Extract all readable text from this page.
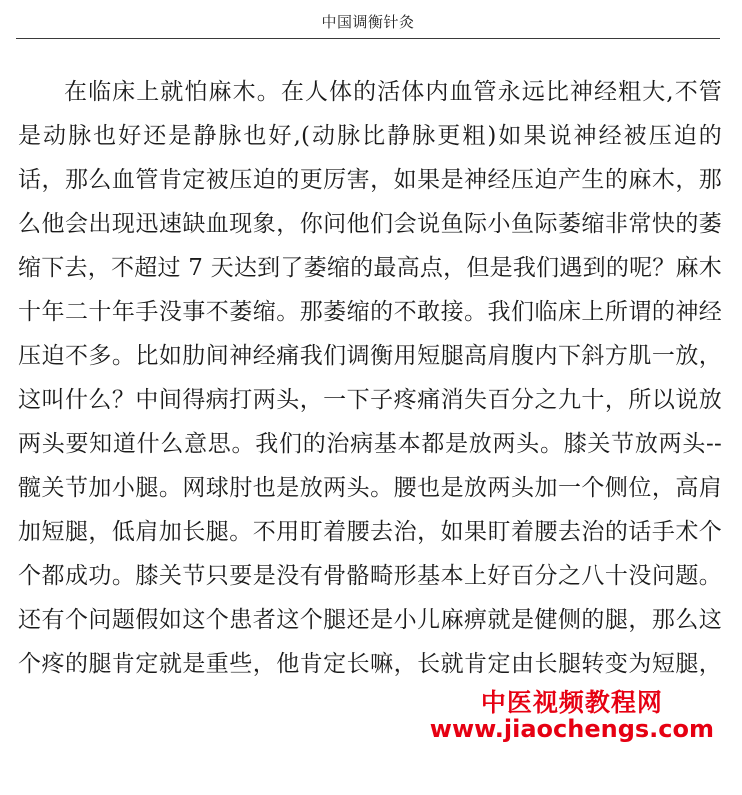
中国调衡针灸
在临床上就怕麻木。在人体的活体内血管永远比神经粗大,不管
是动脉也好还是静脉也好,(动脉比静脉更粗)如果说神经被压迫的
话，那么血管肯定被压迫的更厉害，如果是神经压迫产生的麻木，那
么他会出现迅速缺血现象，你问他们会说鱼际小鱼际萎缩非常快的萎
缩下去，不超过 7 天达到了萎缩的最高点，但是我们遇到的呢？麻木
十年二十年手没事不萎缩。那萎缩的不敢接。我们临床上所谓的神经
压迫不多。比如肋间神经痛我们调衡用短腿高肩腹内下斜方肌一放，
这叫什么？中间得病打两头，一下子疼痛消失百分之九十，所以说放
两头要知道什么意思。我们的治病基本都是放两头。膝关节放两头--
髋关节加小腿。网球肘也是放两头。腰也是放两头加一个侧位，高肩
加短腿，低肩加长腿。不用盯着腰去治，如果盯着腰去治的话手术个
个都成功。膝关节只要是没有骨骼畸形基本上好百分之八十没问题。
还有个问题假如这个患者这个腿还是小儿麻痹就是健侧的腿，那么这
个疼的腿肯定就是重些，他肯定长嘛，长就肯定由长腿转变为短腿，
中医视频教程网
www.jiaochengs.com
